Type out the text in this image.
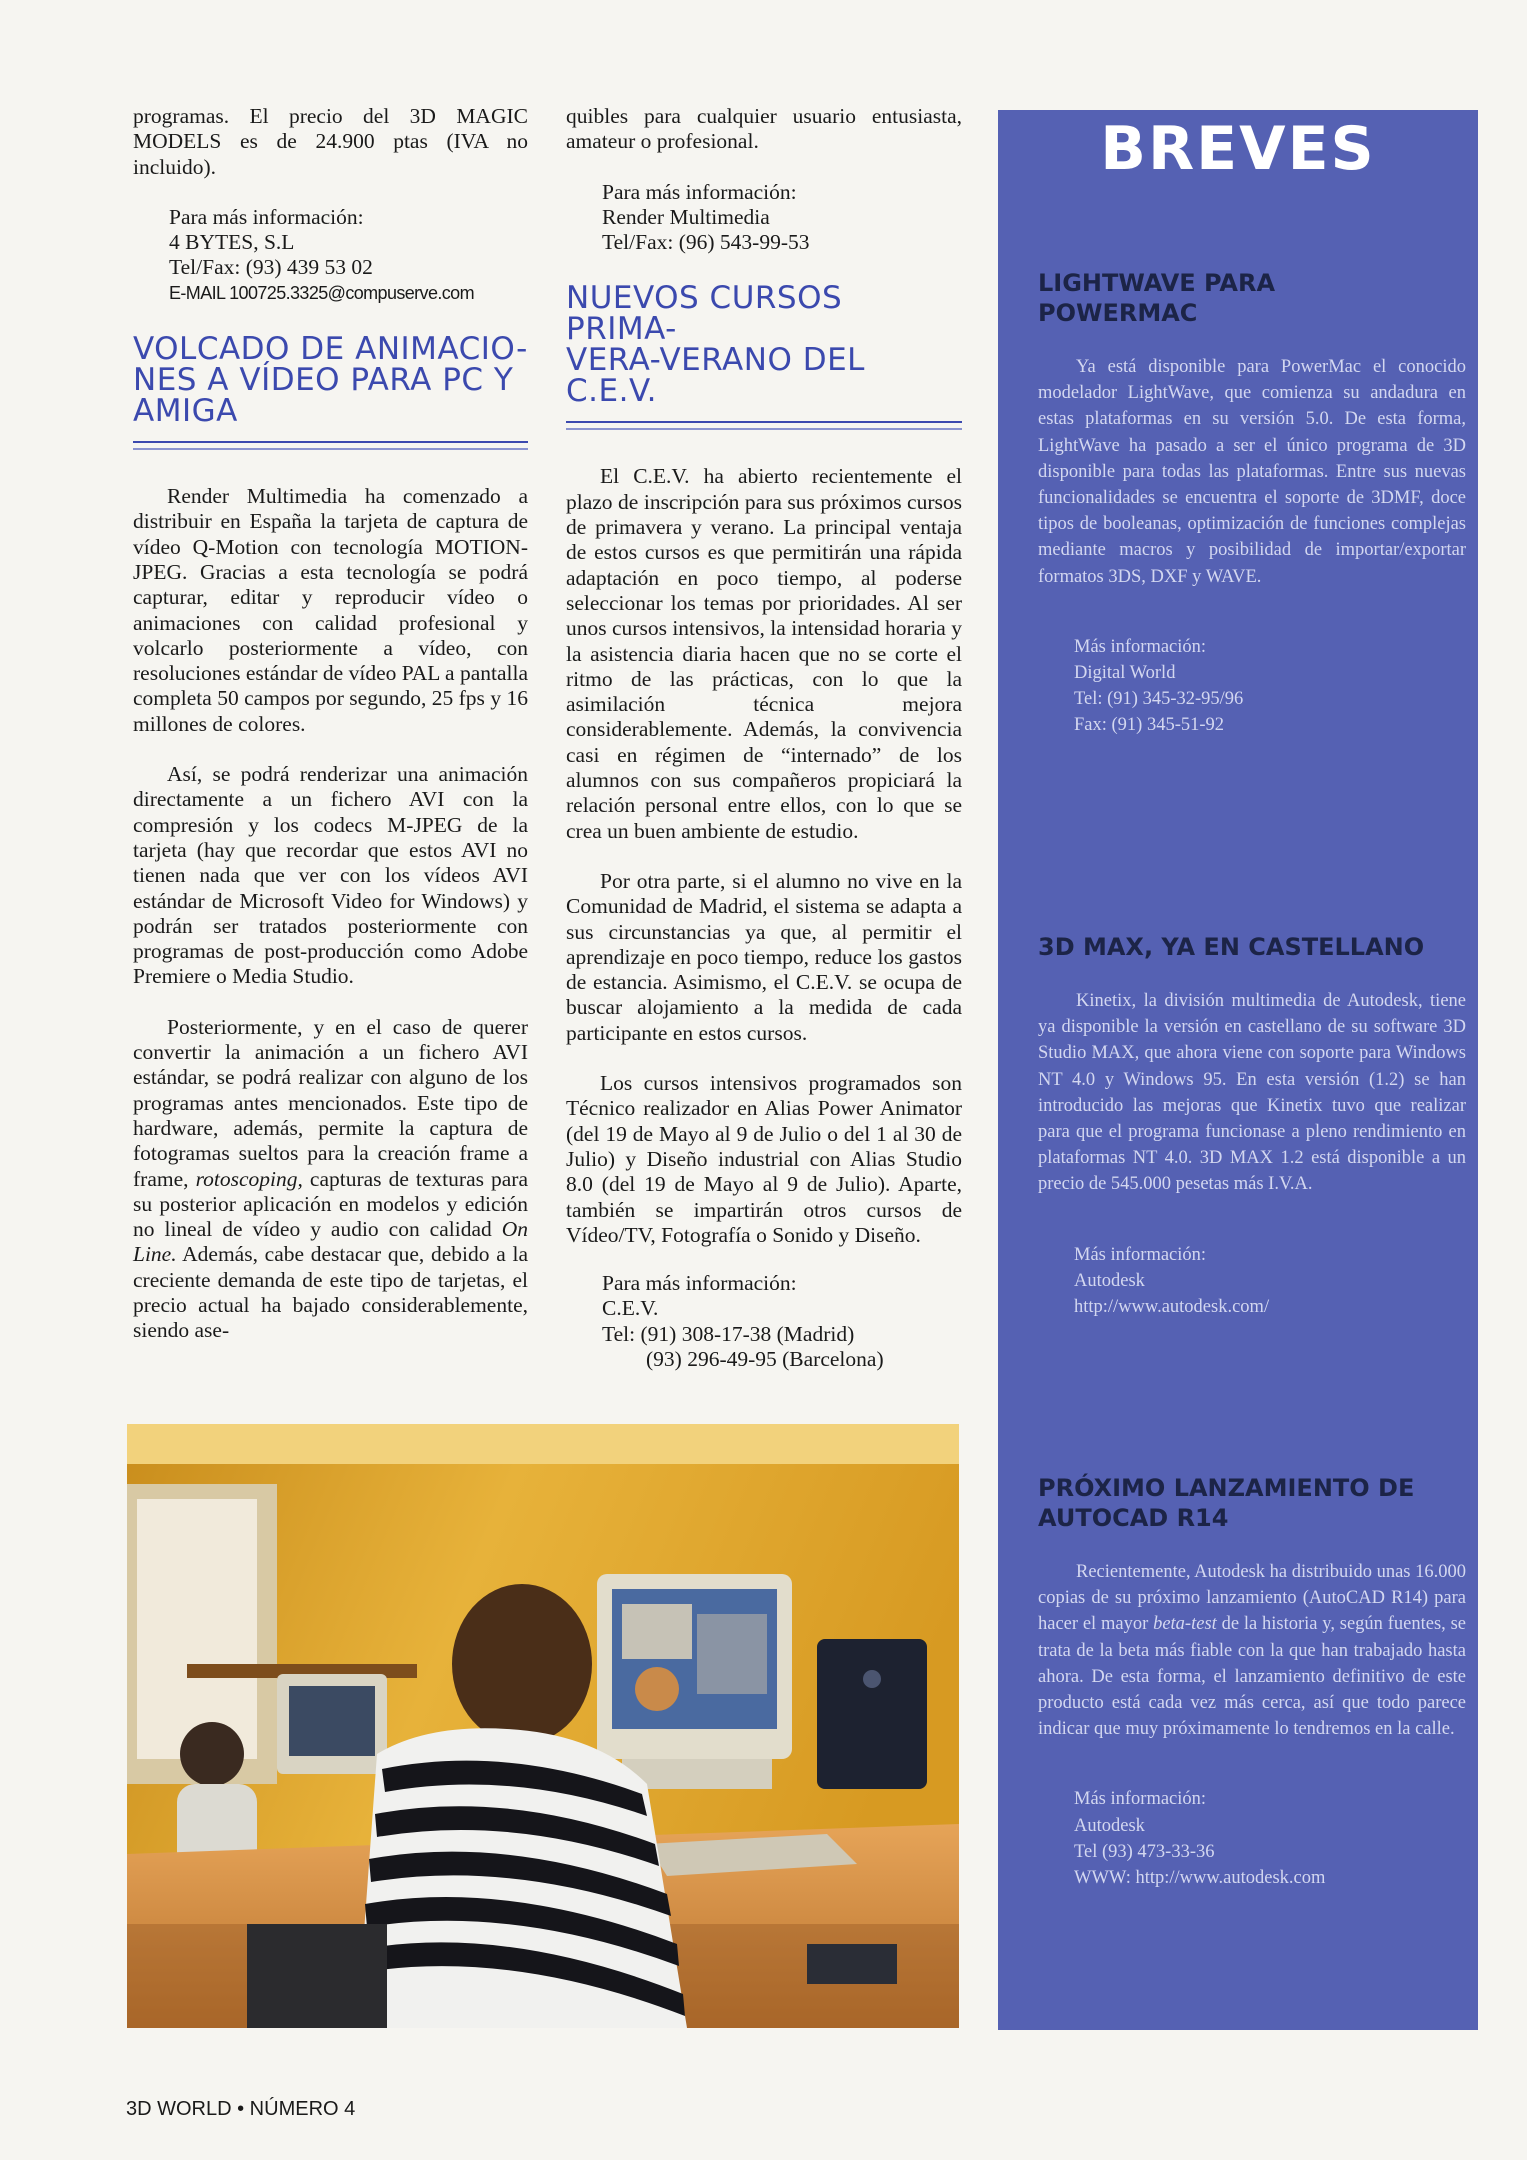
programas. El precio del 3D MAGIC MODELS es de 24.900 ptas (IVA no incluido).

Para más información:
4 BYTES, S.L
Tel/Fax: (93) 439 53 02
E-MAIL 100725.3325@compuserve.com
VOLCADO DE ANIMACIO-
NES A VÍDEO PARA PC Y
AMIGA

Render Multimedia ha comenzado a distribuir en España la tarjeta de captura de vídeo Q-Motion con tecnología MOTION-JPEG. Gracias a esta tecnología se podrá capturar, editar y reproducir vídeo o animaciones con calidad profesional y volcarlo posteriormente a vídeo, con resoluciones estándar de vídeo PAL a pantalla completa 50 campos por segundo, 25 fps y 16 millones de colores.

Así, se podrá renderizar una animación directamente a un fichero AVI con la compresión y los codecs M-JPEG de la tarjeta (hay que recordar que estos AVI no tienen nada que ver con los vídeos AVI estándar de Microsoft Video for Windows) y podrán ser tratados posteriormente con programas de post-producción como Adobe Premiere o Media Studio.

Posteriormente, y en el caso de querer convertir la animación a un fichero AVI estándar, se podrá realizar con alguno de los programas antes mencionados. Este tipo de hardware, además, permite la captura de fotogramas sueltos para la creación frame a frame, rotoscoping, capturas de texturas para su posterior aplicación en modelos y edición no lineal de vídeo y audio con calidad On Line. Además, cabe destacar que, debido a la creciente demanda de este tipo de tarjetas, el precio actual ha bajado considerablemente, siendo ase-

quibles para cualquier usuario entusiasta, amateur o profesional.

Para más información:
Render Multimedia
Tel/Fax: (96) 543-99-53
NUEVOS CURSOS PRIMA-
VERA-VERANO DEL C.E.V.

El C.E.V. ha abierto recientemente el plazo de inscripción para sus próximos cursos de primavera y verano. La principal ventaja de estos cursos es que permitirán una rápida adaptación en poco tiempo, al poderse seleccionar los temas por prioridades. Al ser unos cursos intensivos, la intensidad horaria y la asistencia diaria hacen que no se corte el ritmo de las prácticas, con lo que la asimilación técnica mejora considerablemente. Además, la convivencia casi en régimen de “internado” de los alumnos con sus compañeros propiciará la relación personal entre ellos, con lo que se crea un buen ambiente de estudio.

Por otra parte, si el alumno no vive en la Comunidad de Madrid, el sistema se adapta a sus circunstancias ya que, al permitir el aprendizaje en poco tiempo, reduce los gastos de estancia. Asimismo, el C.E.V. se ocupa de buscar alojamiento a la medida de cada participante en estos cursos.

Los cursos intensivos programados son Técnico realizador en Alias Power Animator (del 19 de Mayo al 9 de Julio o del 1 al 30 de Julio) y Diseño industrial con Alias Studio 8.0 (del 19 de Mayo al 9 de Julio). Aparte, también se impartirán otros cursos de Vídeo/TV, Fotografía o Sonido y Diseño.

Para más información:
C.E.V.
Tel: (91) 308-17-38 (Madrid)
(93) 296-49-95 (Barcelona)
BREVES
LIGHTWAVE PARA
POWERMAC
Ya está disponible para PowerMac el conocido modelador LightWave, que comienza su andadura en estas plataformas en su versión 5.0. De esta forma, LightWave ha pasado a ser el único programa de 3D disponible para todas las plataformas. Entre sus nuevas funcionalidades se encuentra el soporte de 3DMF, doce tipos de booleanas, optimización de funciones complejas mediante macros y posibilidad de importar/exportar formatos 3DS, DXF y WAVE.
Más información:
Digital World
Tel: (91) 345-32-95/96
Fax: (91) 345-51-92
3D MAX, YA EN CASTELLANO
Kinetix, la división multimedia de Autodesk, tiene ya disponible la versión en castellano de su software 3D Studio MAX, que ahora viene con soporte para Windows NT 4.0 y Windows 95. En esta versión (1.2) se han introducido las mejoras que Kinetix tuvo que realizar para que el programa funcionase a pleno rendimiento en plataformas NT 4.0. 3D MAX 1.2 está disponible a un precio de 545.000 pesetas más I.V.A.
Más información:
Autodesk
http://www.autodesk.com/
PRÓXIMO LANZAMIENTO DE
AUTOCAD R14
Recientemente, Autodesk ha distribuido unas 16.000 copias de su próximo lanzamiento (AutoCAD R14) para hacer el mayor beta-test de la historia y, según fuentes, se trata de la beta más fiable con la que han trabajado hasta ahora. De esta forma, el lanzamiento definitivo de este producto está cada vez más cerca, así que todo parece indicar que muy próximamente lo tendremos en la calle.
Más información:
Autodesk
Tel (93) 473-33-36
WWW: http://www.autodesk.com
3D WORLD • NÚMERO 4
